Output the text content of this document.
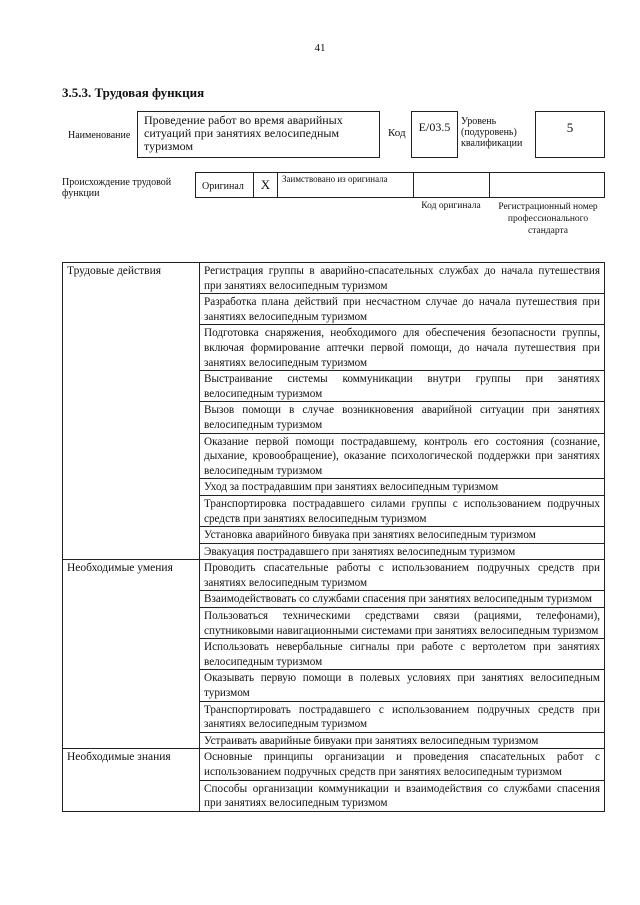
41
3.5.3. Трудовая функция
Наименование
Проведение работ во время аварийных ситуаций при занятиях велосипедным туризмом
Код	E/03.5	Уровень (подуровень) квалификации
5
Происхождение трудовой функции
Оригинал	X	Заимствовано из оригинала
Код оригинала	Регистрационный номер профессионального стандарта
Трудовые действия	Регистрация группы в аварийно-спасательных службах до начала путешествия при занятиях велосипедным туризмом
	Разработка плана действий при несчастном случае до начала путешествия при занятиях велосипедным туризмом
	Подготовка снаряжения, необходимого для обеспечения безопасности группы, включая формирование аптечки первой помощи, до начала путешествия при занятиях велосипедным туризмом
	Выстраивание системы коммуникации внутри группы при занятиях велосипедным туризмом
	Вызов помощи в случае возникновения аварийной ситуации при занятиях велосипедным туризмом
	Оказание первой помощи пострадавшему, контроль его состояния (сознание, дыхание, кровообращение), оказание психологической поддержки при занятиях велосипедным туризмом
	Уход за пострадавшим при занятиях велосипедным туризмом
	Транспортировка пострадавшего силами группы с использованием подручных средств при занятиях велосипедным туризмом
	Установка аварийного бивуака при занятиях велосипедным туризмом
	Эвакуация пострадавшего при занятиях велосипедным туризмом
Необходимые умения	Проводить спасательные работы с использованием подручных средств при занятиях велосипедным туризмом
	Взаимодействовать со службами спасения при занятиях велосипедным туризмом
	Пользоваться техническими средствами связи (рациями, телефонами), спутниковыми навигационными системами при занятиях велосипедным туризмом
	Использовать невербальные сигналы при работе с вертолетом при занятиях велосипедным туризмом
	Оказывать первую помощи в полевых условиях при занятиях велосипедным туризмом
	Транспортировать пострадавшего с использованием подручных средств при занятиях велосипедным туризмом
	Устраивать аварийные бивуаки при занятиях велосипедным туризмом
Необходимые знания	Основные принципы организации и проведения спасательных работ с использованием подручных средств при занятиях велосипедным туризмом
	Способы организации коммуникации и взаимодействия со службами спасения при занятиях велосипедным туризмом
